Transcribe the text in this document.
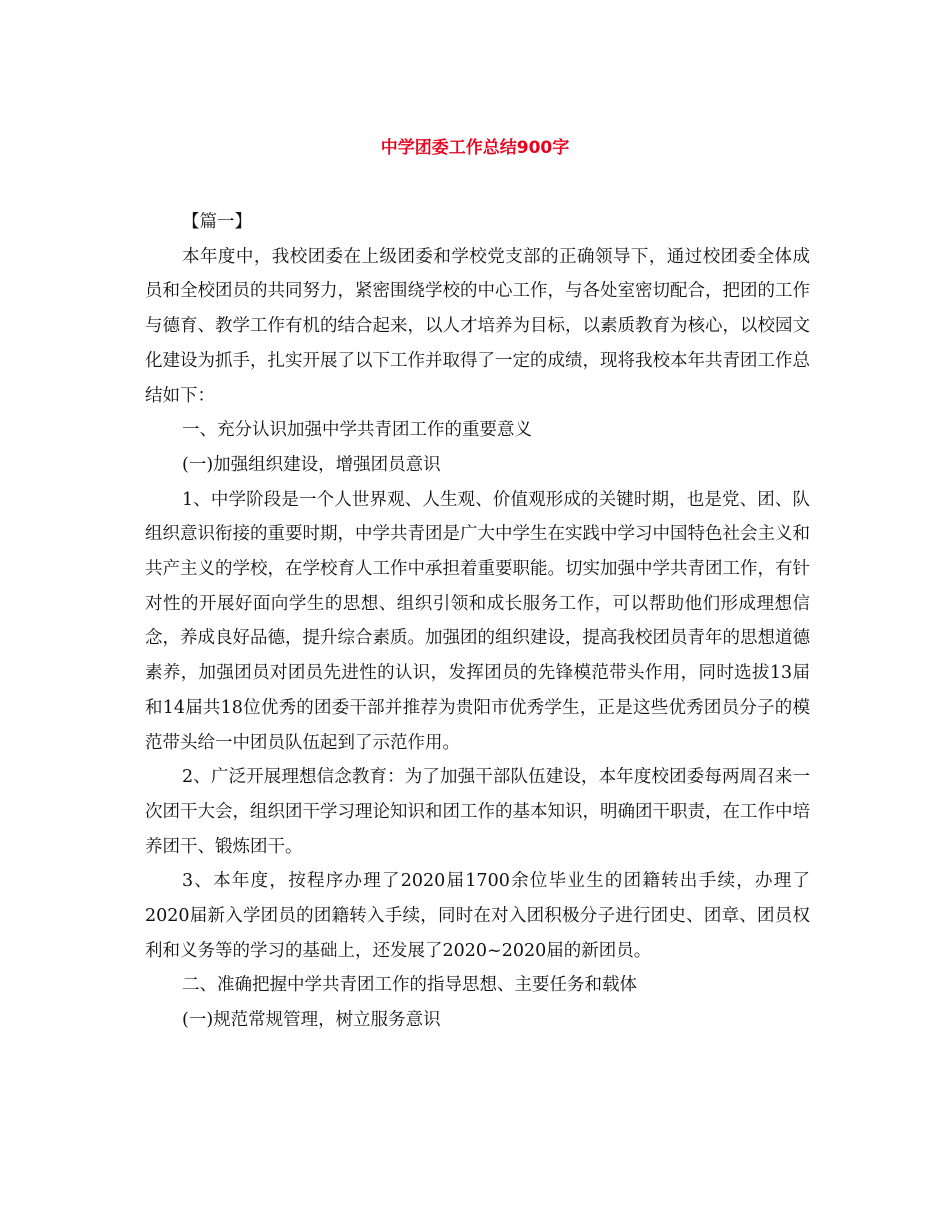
中学团委工作总结900字

【篇一】

本年度中，我校团委在上级团委和学校党支部的正确领导下，通过校团委全体成员和全校团员的共同努力，紧密围绕学校的中心工作，与各处室密切配合，把团的工作与德育、教学工作有机的结合起来，以人才培养为目标，以素质教育为核心，以校园文化建设为抓手，扎实开展了以下工作并取得了一定的成绩，现将我校本年共青团工作总结如下：

一、充分认识加强中学共青团工作的重要意义

(一)加强组织建设，增强团员意识

1、中学阶段是一个人世界观、人生观、价值观形成的关键时期，也是党、团、队组织意识衔接的重要时期，中学共青团是广大中学生在实践中学习中国特色社会主义和共产主义的学校，在学校育人工作中承担着重要职能。切实加强中学共青团工作，有针对性的开展好面向学生的思想、组织引领和成长服务工作，可以帮助他们形成理想信念，养成良好品德，提升综合素质。加强团的组织建设，提高我校团员青年的思想道德素养，加强团员对团员先进性的认识，发挥团员的先锋模范带头作用，同时选拔13届和14届共18位优秀的团委干部并推荐为贵阳市优秀学生，正是这些优秀团员分子的模范带头给一中团员队伍起到了示范作用。

2、广泛开展理想信念教育：为了加强干部队伍建设，本年度校团委每两周召来一次团干大会，组织团干学习理论知识和团工作的基本知识，明确团干职责，在工作中培养团干、锻炼团干。

3、本年度，按程序办理了2020届1700余位毕业生的团籍转出手续，办理了2020届新入学团员的团籍转入手续，同时在对入团积极分子进行团史、团章、团员权利和义务等的学习的基础上，还发展了2020~2020届的新团员。

二、准确把握中学共青团工作的指导思想、主要任务和载体

(一)规范常规管理，树立服务意识
